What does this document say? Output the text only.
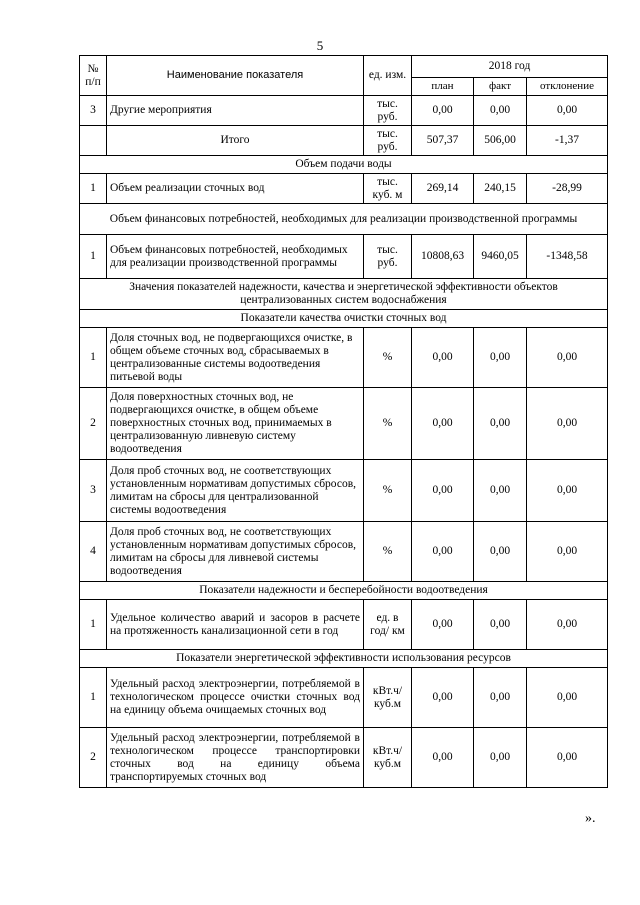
5
№ п/п	Наименование показателя	ед. изм.	2018 год		
			план	факт	отклонение
3	Другие мероприятия	тыс. руб.	0,00	0,00	0,00
	Итого	тыс. руб.	507,37	506,00	-1,37
Объем подачи воды					
1	Объем реализации сточных вод	тыс. куб. м	269,14	240,15	-28,99
Объем финансовых потребностей, необходимых для реализации производственной программы					
1	Объем финансовых потребностей, необходимых для реализации производственной программы	тыс. руб.	10808,63	9460,05	-1348,58
Значения показателей надежности, качества и энергетической эффективности объектов централизованных систем водоснабжения					
Показатели качества очистки сточных вод					
1	Доля сточных вод, не подвергающихся очистке, в общем объеме сточных вод, сбрасываемых в централизованные системы водоотведения питьевой воды	%	0,00	0,00	0,00
2	Доля поверхностных сточных вод, не подвергающихся очистке, в общем объеме поверхностных сточных вод, принимаемых в централизованную ливневую систему водоотведения	%	0,00	0,00	0,00
3	Доля проб сточных вод, не соответствующих установленным нормативам допустимых сбросов, лимитам на сбросы для централизованной системы водоотведения	%	0,00	0,00	0,00
4	Доля проб сточных вод, не соответствующих установленным нормативам допустимых сбросов, лимитам на сбросы для ливневой системы водоотведения	%	0,00	0,00	0,00
Показатели надежности и бесперебойности водоотведения					
1	Удельное количество аварий и засоров в расчете на протяженность канализационной сети в год	ед. в год/ км	0,00	0,00	0,00
Показатели энергетической эффективности использования ресурсов					
1	Удельный расход электроэнергии, потребляемой в технологическом процессе очистки сточных вод на единицу объема очищаемых сточных вод	кВт.ч/ куб.м	0,00	0,00	0,00
2	Удельный расход электроэнергии, потребляемой в технологическом процессе транспортировки сточных вод на единицу объема транспортируемых сточных вод	кВт.ч/ куб.м	0,00	0,00	0,00
».
